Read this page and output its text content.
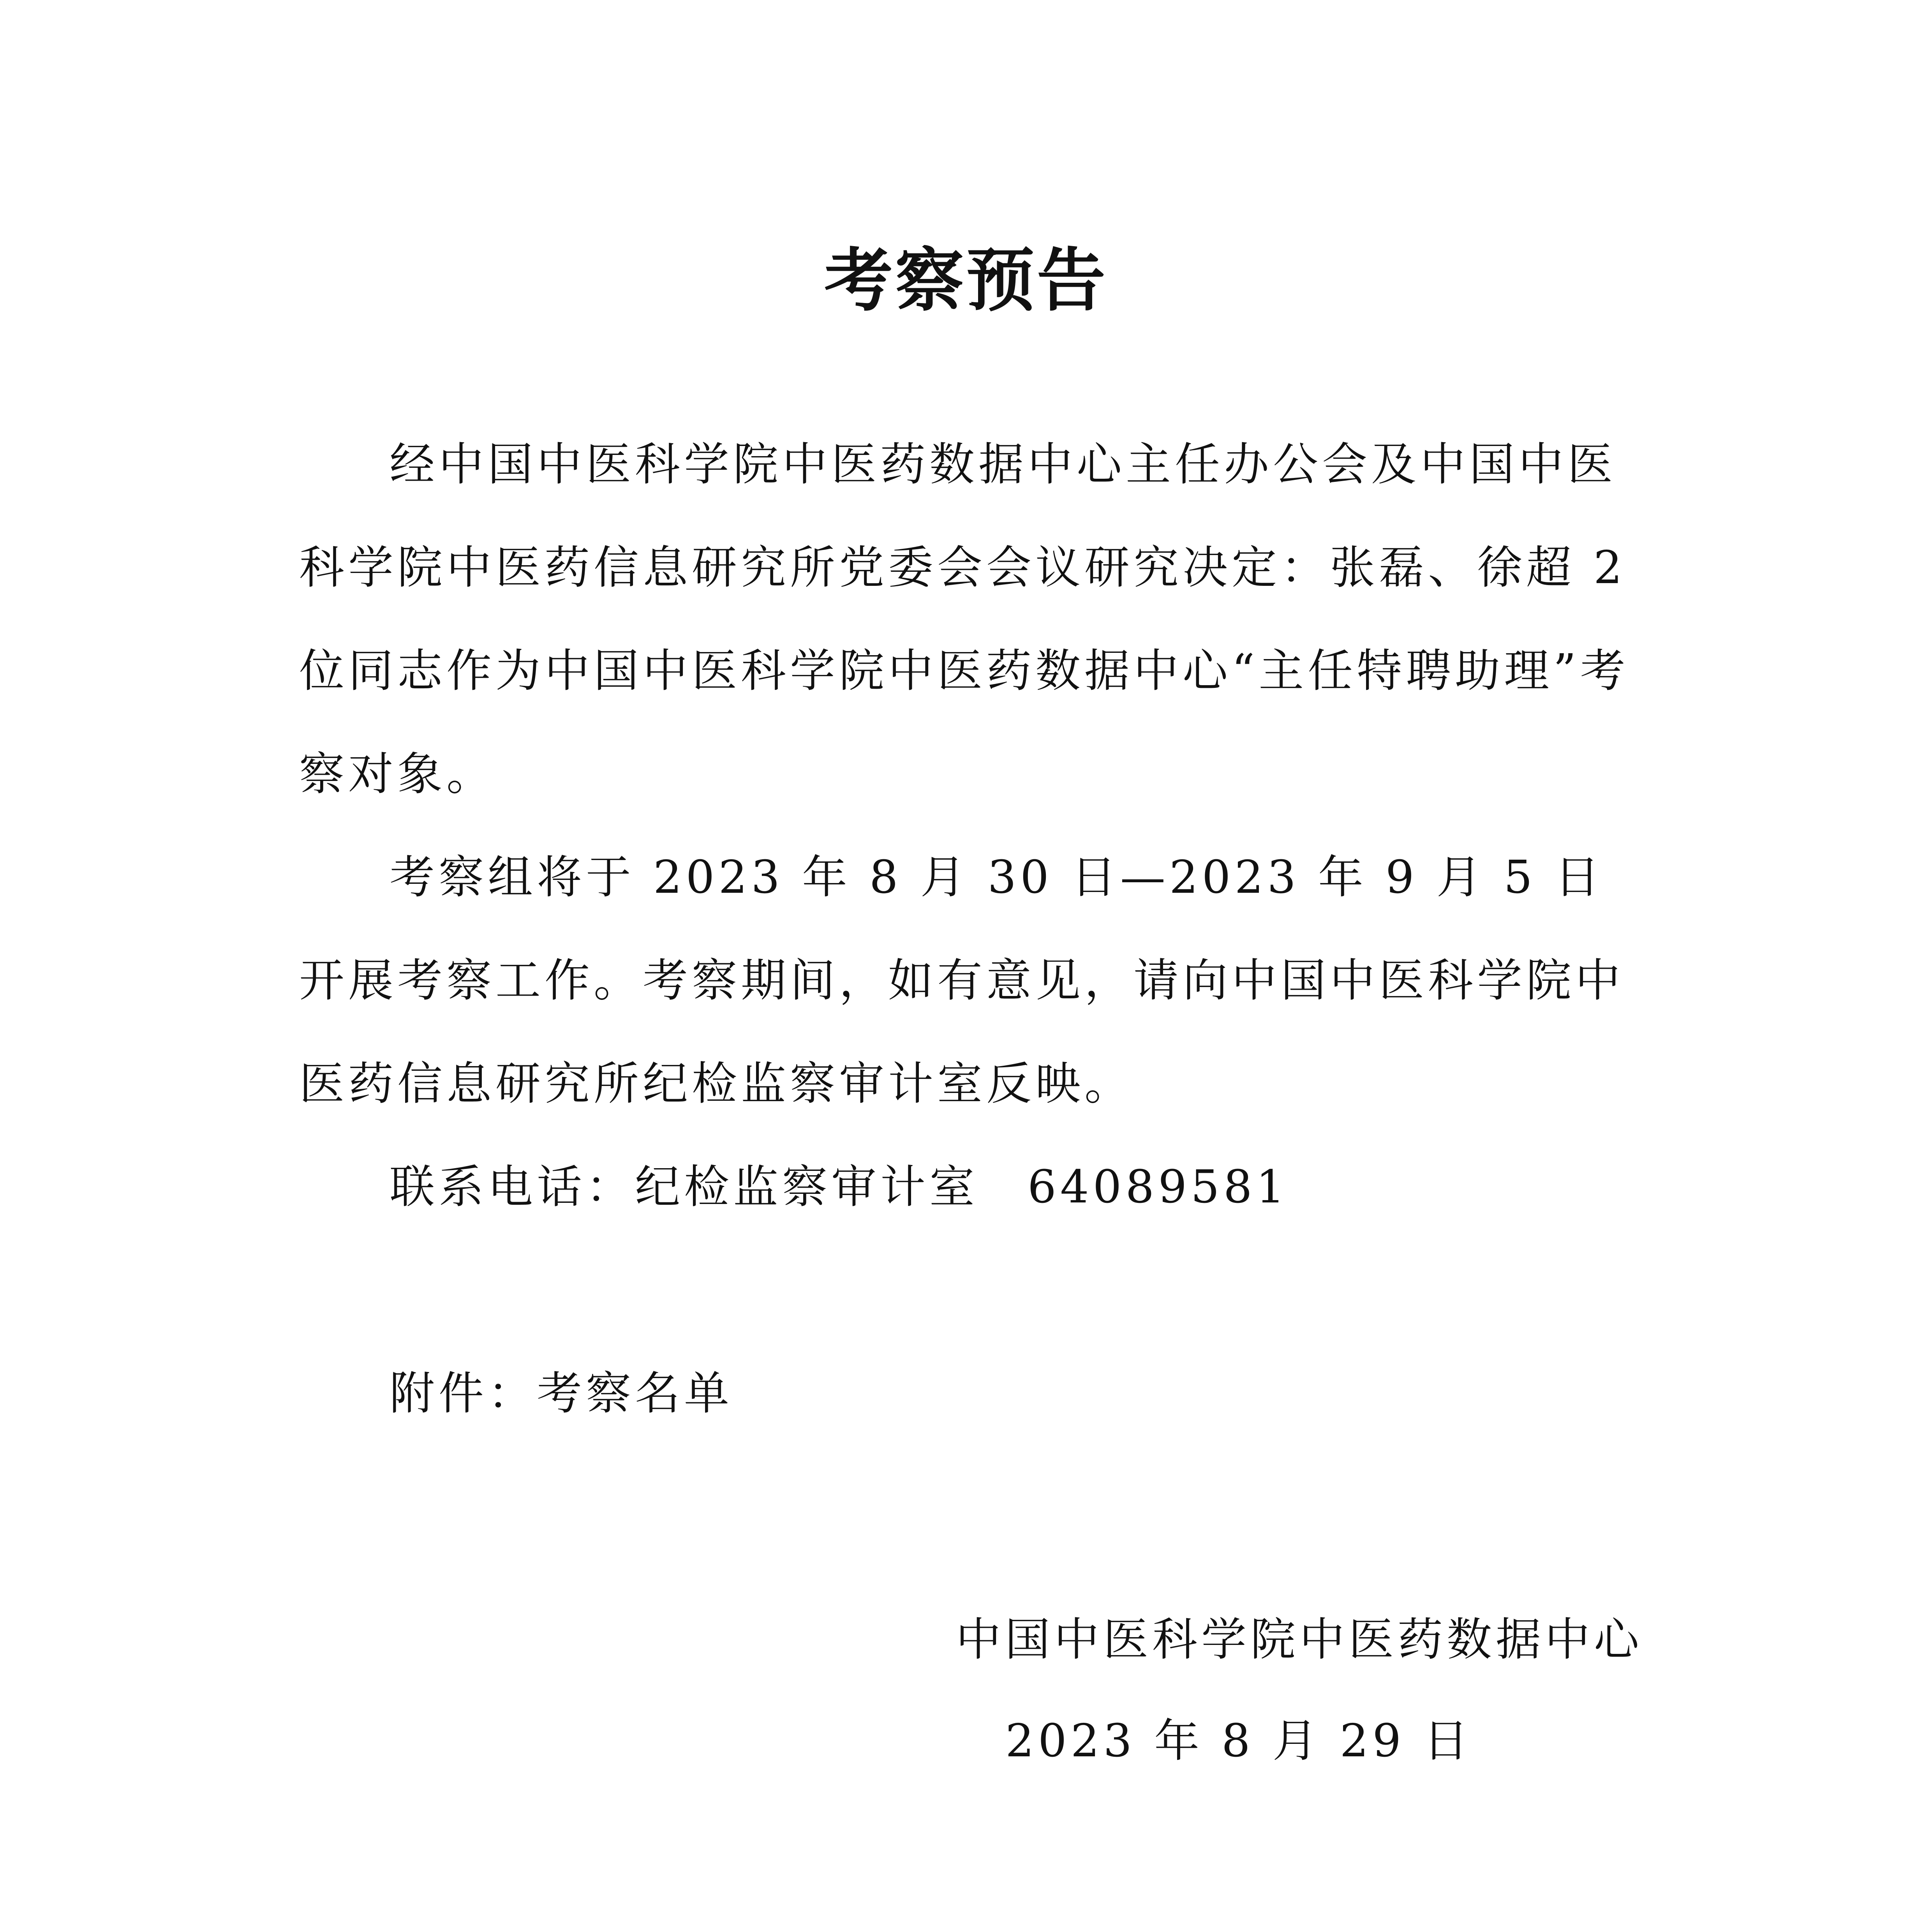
考察预告

经中国中医科学院中医药数据中心主任办公会及中国中医科学院中医药信息研究所党委会会议研究决定：张磊、徐超 2 位同志作为中国中医科学院中医药数据中心“主任特聘助理”考察对象。

考察组将于 2023 年 8 月 30 日—2023 年 9 月 5 日开展考察工作。考察期间，如有意见，请向中国中医科学院中医药信息研究所纪检监察审计室反映。

联系电话：纪检监察审计室　64089581

附件：考察名单

中国中医科学院中医药数据中心
2023 年 8 月 29 日
